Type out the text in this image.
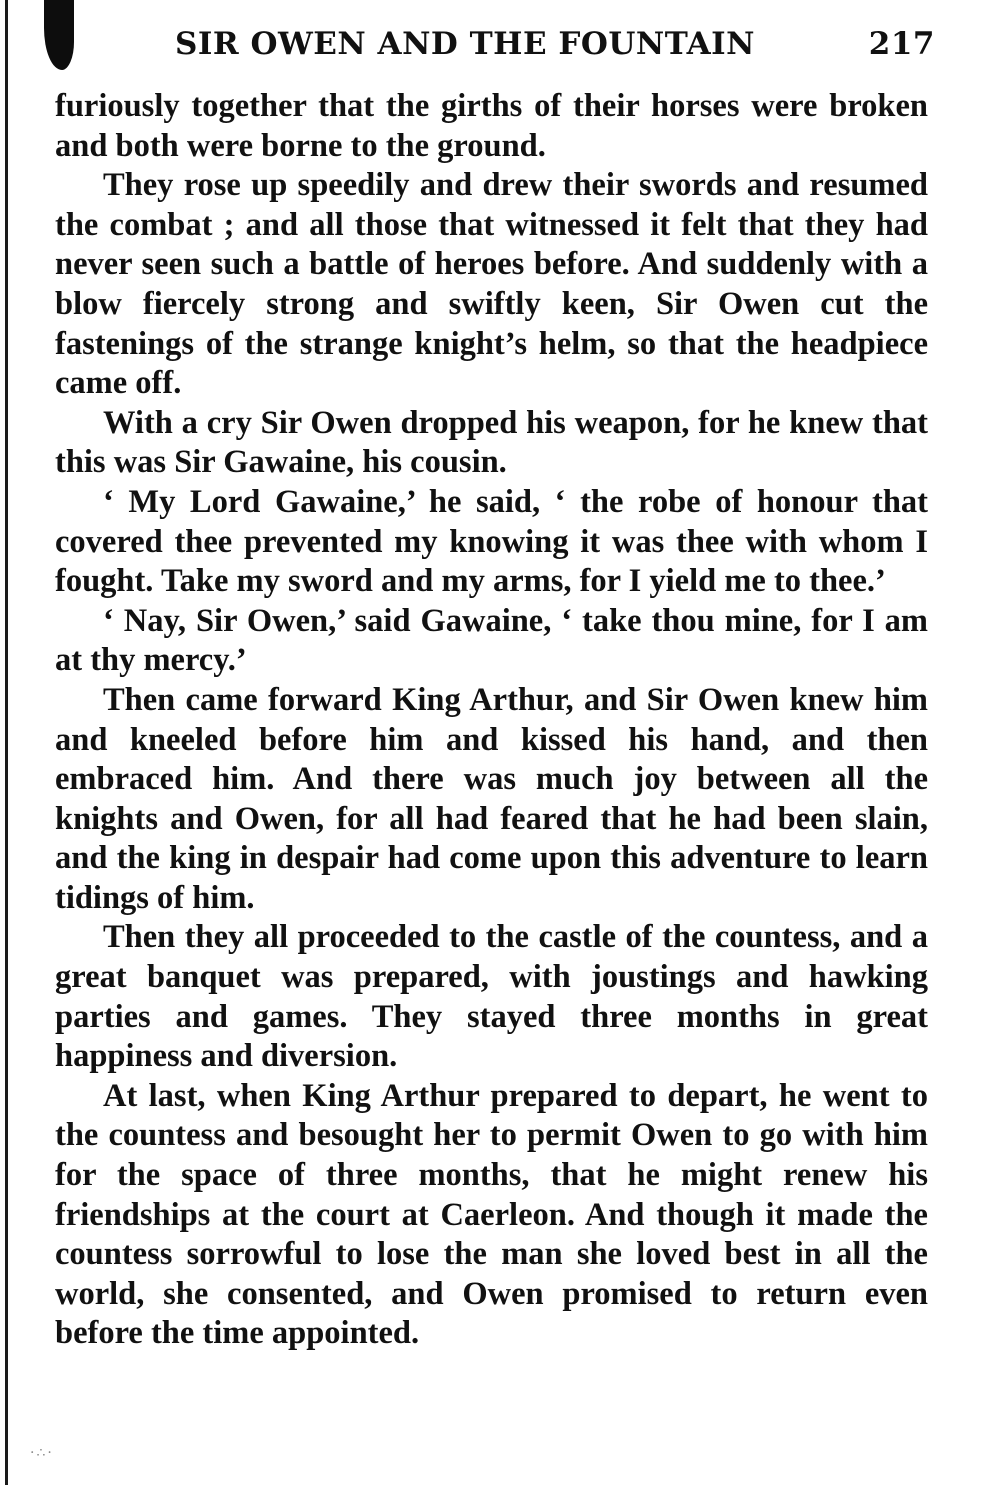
SIR OWEN AND THE FOUNTAIN	217

furiously together that the girths of their horses were broken and both were borne to the ground.

They rose up speedily and drew their swords and resumed the combat ; and all those that witnessed it felt that they had never seen such a battle of heroes before. And suddenly with a blow fiercely strong and swiftly keen, Sir Owen cut the fastenings of the strange knight’s helm, so that the headpiece came off.

With a cry Sir Owen dropped his weapon, for he knew that this was Sir Gawaine, his cousin.

‘ My Lord Gawaine,’ he said, ‘ the robe of honour that covered thee prevented my knowing it was thee with whom I fought. Take my sword and my arms, for I yield me to thee.’

‘ Nay, Sir Owen,’ said Gawaine, ‘ take thou mine, for I am at thy mercy.’

Then came forward King Arthur, and Sir Owen knew him and kneeled before him and kissed his hand, and then embraced him. And there was much joy between all the knights and Owen, for all had feared that he had been slain, and the king in despair had come upon this adventure to learn tidings of him.

Then they all proceeded to the castle of the countess, and a great banquet was prepared, with joustings and hawking parties and games. They stayed three months in great happiness and diversion.

At last, when King Arthur prepared to depart, he went to the countess and besought her to permit Owen to go with him for the space of three months, that he might renew his friendships at the court at Caerleon. And though it made the countess sorrowful to lose the man she loved best in all the world, she consented, and Owen promised to return even before the time appointed.

·∴·
